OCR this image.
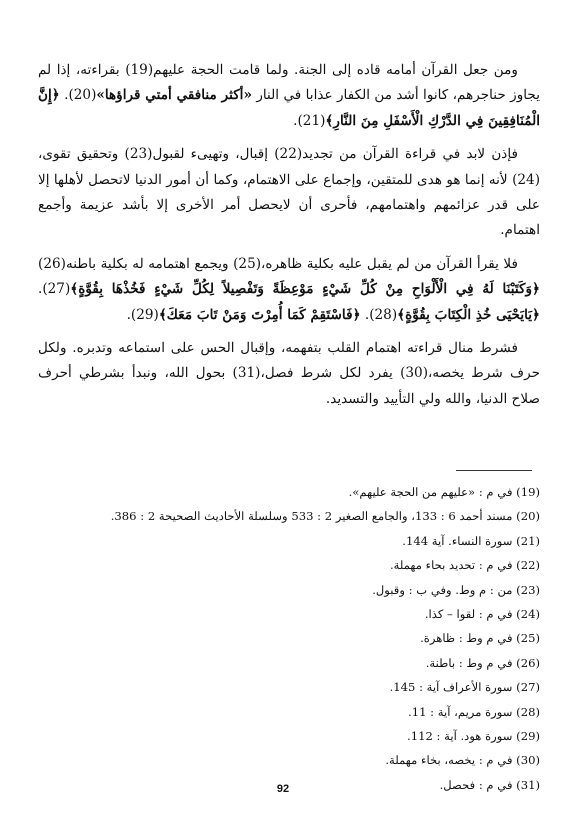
ومن جعل القرآن أمامه قاده إلى الجنة. ولما قامت الحجة عليهم(19) بقراءته، إذا لم يجاوز حناجرهم، كانوا أشد من الكفار عذابا في النار «أكثر منافقي أمتي قراؤها»(20). ﴿إِنَّ الْمُنَافِقِينَ فِي الدَّرْكِ الْأَسْفَلِ مِنَ النَّارِ﴾(21).

فإذن لابد في قراءة القرآن من تجديد(22) إقبال، وتهيىء لقبول(23) وتحقيق تقوى،(24) لأنه إنما هو هدى للمتقين، وإجماع على الاهتمام، وكما أن أمور الدنيا لاتحصل لأهلها إلا على قدر عزائمهم واهتمامهم، فأحرى أن لايحصل أمر الأخرى إلا بأشد عزيمة وأجمع اهتمام.

فلا يقرأ القرآن من لم يقبل عليه بكلية ظاهره،(25) ويجمع اهتمامه له بكلية باطنه(26) ﴿وَكَتَبْنَا لَهُ فِي الْأَلْوَاحِ مِنْ كُلِّ شَيْءٍ مَوْعِظَةً وَتَفْصِيلاً لِكُلِّ شَيْءٍ فَخُذْهَا بِقُوَّةٍ﴾(27). ﴿يَايَحْيَى خُذِ الْكِتَابَ بِقُوَّةٍ﴾(28). ﴿فَاسْتَقِمْ كَمَا أُمِرْتَ وَمَنْ تَابَ مَعَكَ﴾(29).

فشرط منال قراءته اهتمام القلب بتفهمه، وإقبال الحس على استماعه وتدبره. ولكل حرف شرط يخصه،(30) يفرد لكل شرط فصل،(31) بحول الله، ونبدأ بشرطي أحرف صلاح الدنيا، والله ولي التأييد والتسديد.

(19) في م : «عليهم من الحجة عليهم».
(20) مسند أحمد 6 : 133، والجامع الصغير 2 : 533 وسلسلة الأحاديث الصحيحة 2 : 386.
(21) سورة النساء. آية 144.
(22) في م : تحديد بحاء مهملة.
(23) من : م وط. وفي ب : وقبول.
(24) في م : لقوا – كذا.
(25) في م وط : ظاهرة.
(26) في م وط : باطنة.
(27) سورة الأعراف آية : 145.
(28) سورة مريم، آية : 11.
(29) سورة هود. آية : 112.
(30) في م : يخصه، بخاء مهملة.
(31) في م : فحصل.
92
